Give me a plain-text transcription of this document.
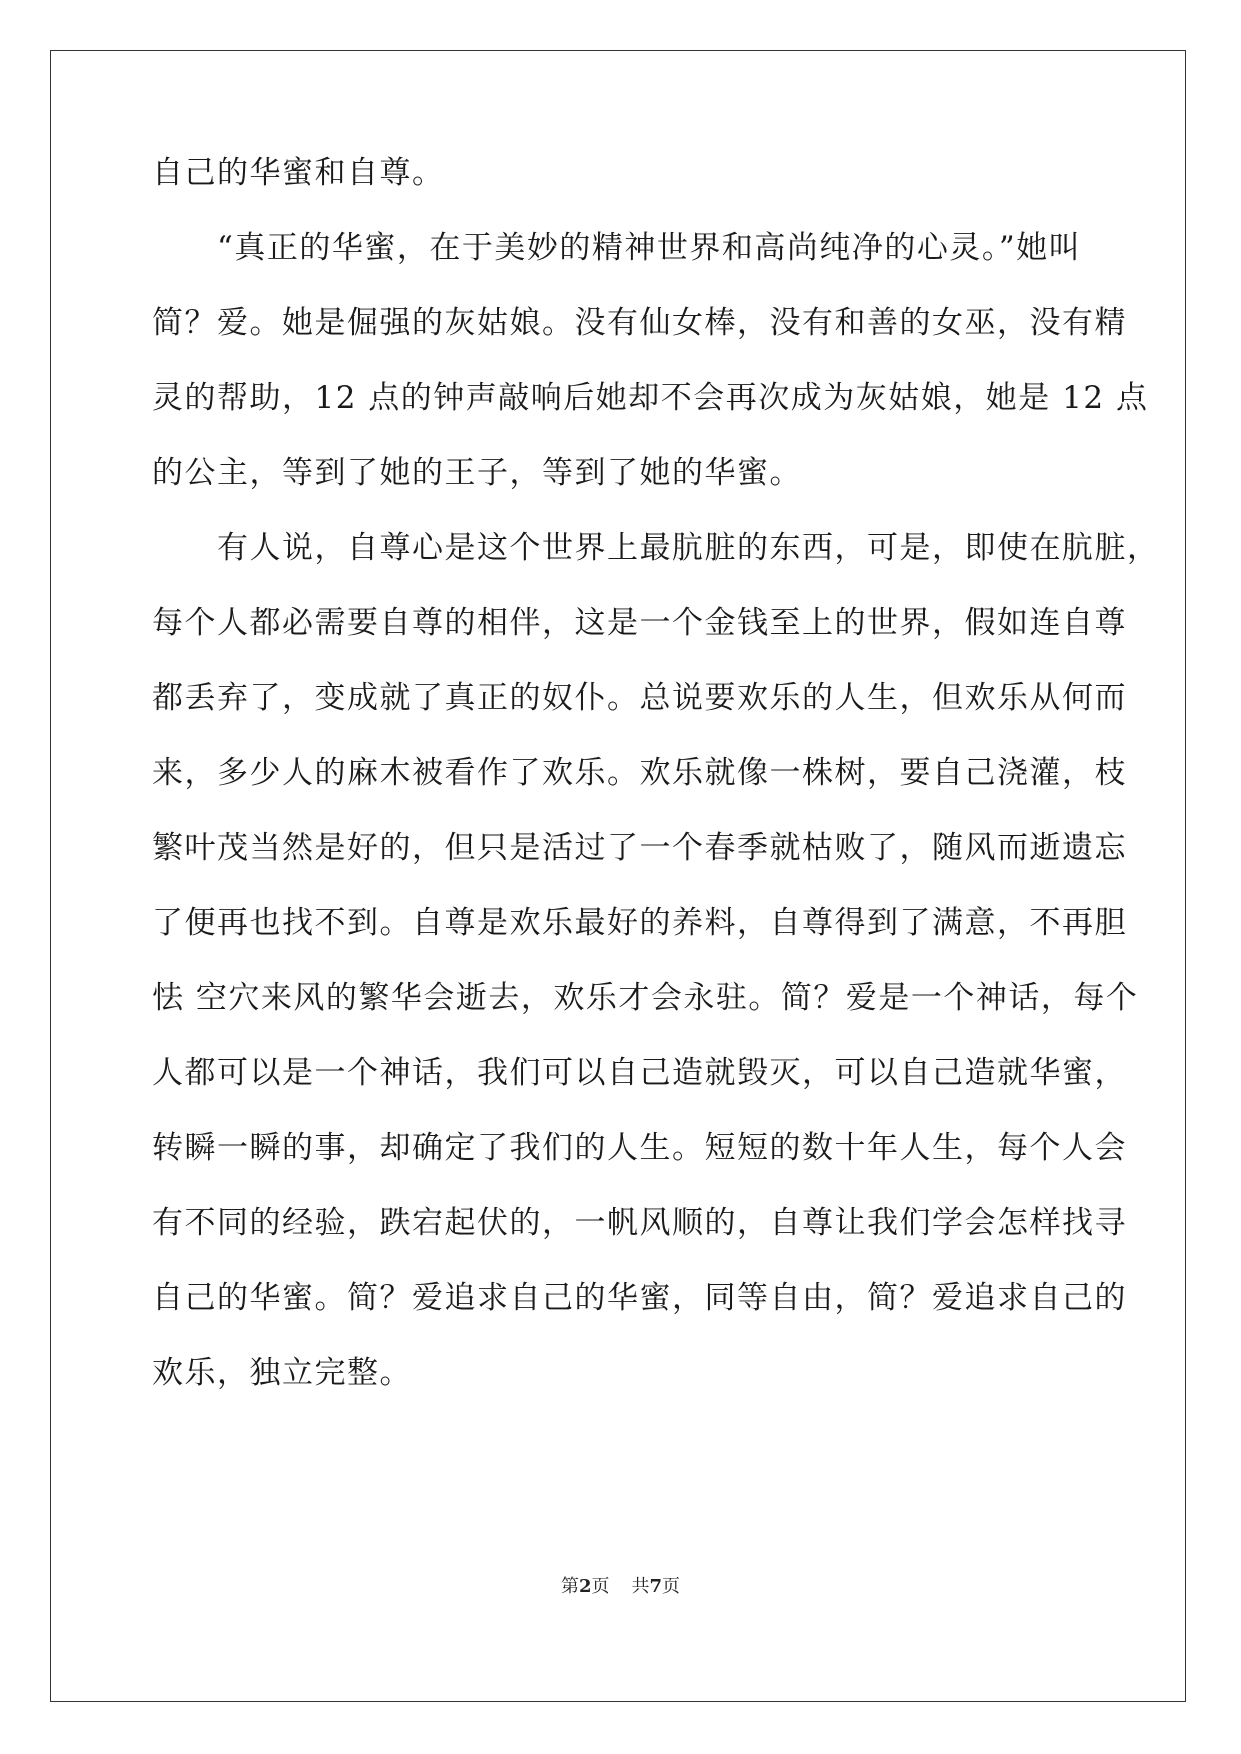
自己的华蜜和自尊。

　　“真正的华蜜，在于美妙的精神世界和高尚纯净的心灵。”她叫

简？爱。她是倔强的灰姑娘。没有仙女棒，没有和善的女巫，没有精

灵的帮助，12 点的钟声敲响后她却不会再次成为灰姑娘，她是 12 点

的公主，等到了她的王子，等到了她的华蜜。

　　有人说，自尊心是这个世界上最肮脏的东西，可是，即使在肮脏，

每个人都必需要自尊的相伴，这是一个金钱至上的世界，假如连自尊

都丢弃了，变成就了真正的奴仆。总说要欢乐的人生，但欢乐从何而

来，多少人的麻木被看作了欢乐。欢乐就像一株树，要自己浇灌，枝

繁叶茂当然是好的，但只是活过了一个春季就枯败了，随风而逝遗忘

了便再也找不到。自尊是欢乐最好的养料，自尊得到了满意，不再胆

怯 空穴来风的繁华会逝去，欢乐才会永驻。简？爱是一个神话，每个

人都可以是一个神话，我们可以自己造就毁灭，可以自己造就华蜜，

转瞬一瞬的事，却确定了我们的人生。短短的数十年人生，每个人会

有不同的经验，跌宕起伏的，一帆风顺的，自尊让我们学会怎样找寻

自己的华蜜。简？爱追求自己的华蜜，同等自由，简？爱追求自己的

欢乐，独立完整。

第2页 共7页
